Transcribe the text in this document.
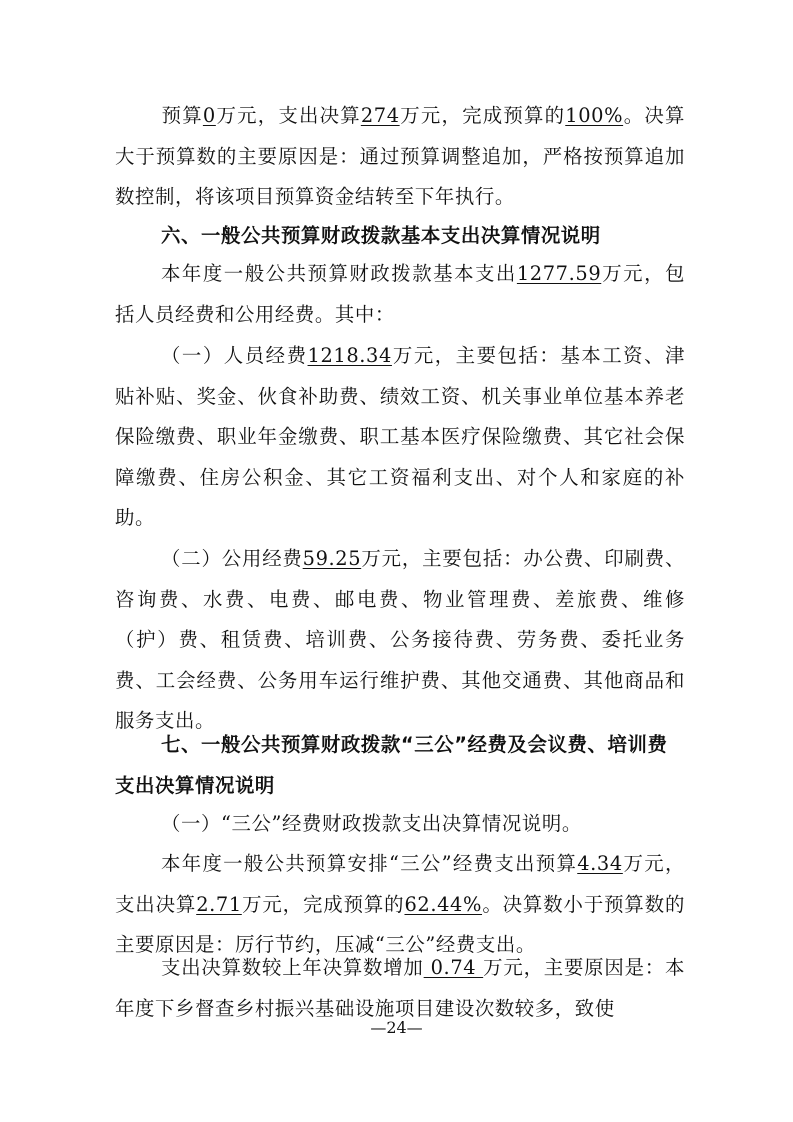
预算0万元，支出决算274万元，完成预算的100%。决算大于预算数的主要原因是：通过预算调整追加，严格按预算追加数控制，将该项目预算资金结转至下年执行。

六、一般公共预算财政拨款基本支出决算情况说明

本年度一般公共预算财政拨款基本支出1277.59万元，包括人员经费和公用经费。其中：

（一）人员经费1218.34万元，主要包括：基本工资、津贴补贴、奖金、伙食补助费、绩效工资、机关事业单位基本养老保险缴费、职业年金缴费、职工基本医疗保险缴费、其它社会保障缴费、住房公积金、其它工资福利支出、对个人和家庭的补助。

（二）公用经费59.25万元，主要包括：办公费、印刷费、咨询费、水费、电费、邮电费、物业管理费、差旅费、维修（护）费、租赁费、培训费、公务接待费、劳务费、委托业务费、工会经费、公务用车运行维护费、其他交通费、其他商品和服务支出。

七、一般公共预算财政拨款“三公”经费及会议费、培训费支出决算情况说明

（一）“三公”经费财政拨款支出决算情况说明。

本年度一般公共预算安排“三公”经费支出预算4.34万元，支出决算2.71万元，完成预算的62.44%。决算数小于预算数的主要原因是：厉行节约，压减“三公”经费支出。

支出决算数较上年决算数增加 0.74 万元，主要原因是：本年度下乡督查乡村振兴基础设施项目建设次数较多，致使

—24—
